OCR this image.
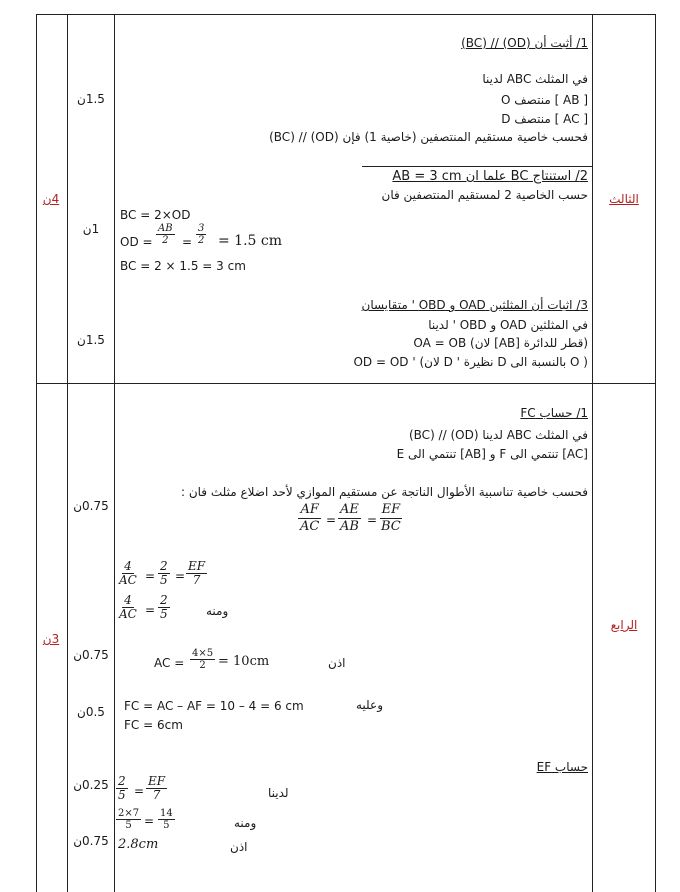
الثالث
الرابع
4ن
3ن
1.5ن
1ن
1.5ن
0.75ن
0.75ن
0.5ن
0.25ن
0.75ن
1/ أثبت أن (OD) // (BC)
في المثلث ABC لدينا
O منتصف [ AB ]
D منتصف [ AC ]
فحسب خاصية مستقيم المنتصفين (خاصية 1) فإن (OD) // (BC)
2/ استنتاج BC علما ان AB = 3 cm
حسب الخاصية 2 لمستقيم المنتصفين فان
BC = 2×OD
OD = $\frac{AB}{2} = \frac{3}{2} = 1.5$ cm
BC = 2 × 1.5 = 3 cm
3/ اثبات أن المثلثين OAD و OBD ' متقايسان
في المثلثين OAD و OBD ' لدينا
OA = OB (لان [AB] قطر للدائرة)
OD = OD ' (لان D ' نظيرة D بالنسبة الى O )
1/ حساب FC
في المثلث ABC لدينا (OD) // (BC)
E تنتمي الى [AB] و F تنتمي الى [AC]
فحسب خاصية تناسبية الأطوال الناتجة عن مستقيم الموازي لأحد اضلاع مثلث فان :
$\frac{AF}{AC} = \frac{AE}{AB} = \frac{EF}{BC}$
$\frac{4}{AC} = \frac{2}{5} = \frac{EF}{7}$
$\frac{4}{AC} = \frac{2}{5}$	ومنه
اذن
AC = $\frac{4\times 5}{2} = 10cm$
وعليه
FC = AC – AF = 10 – 4 = 6 cm
FC = 6cm
حساب EF
لدينا
$\frac{2}{5} = \frac{EF}{7}$
ومنه
$\frac{2\times 7}{5} = \frac{14}{5}$
اذن
2.8cm
